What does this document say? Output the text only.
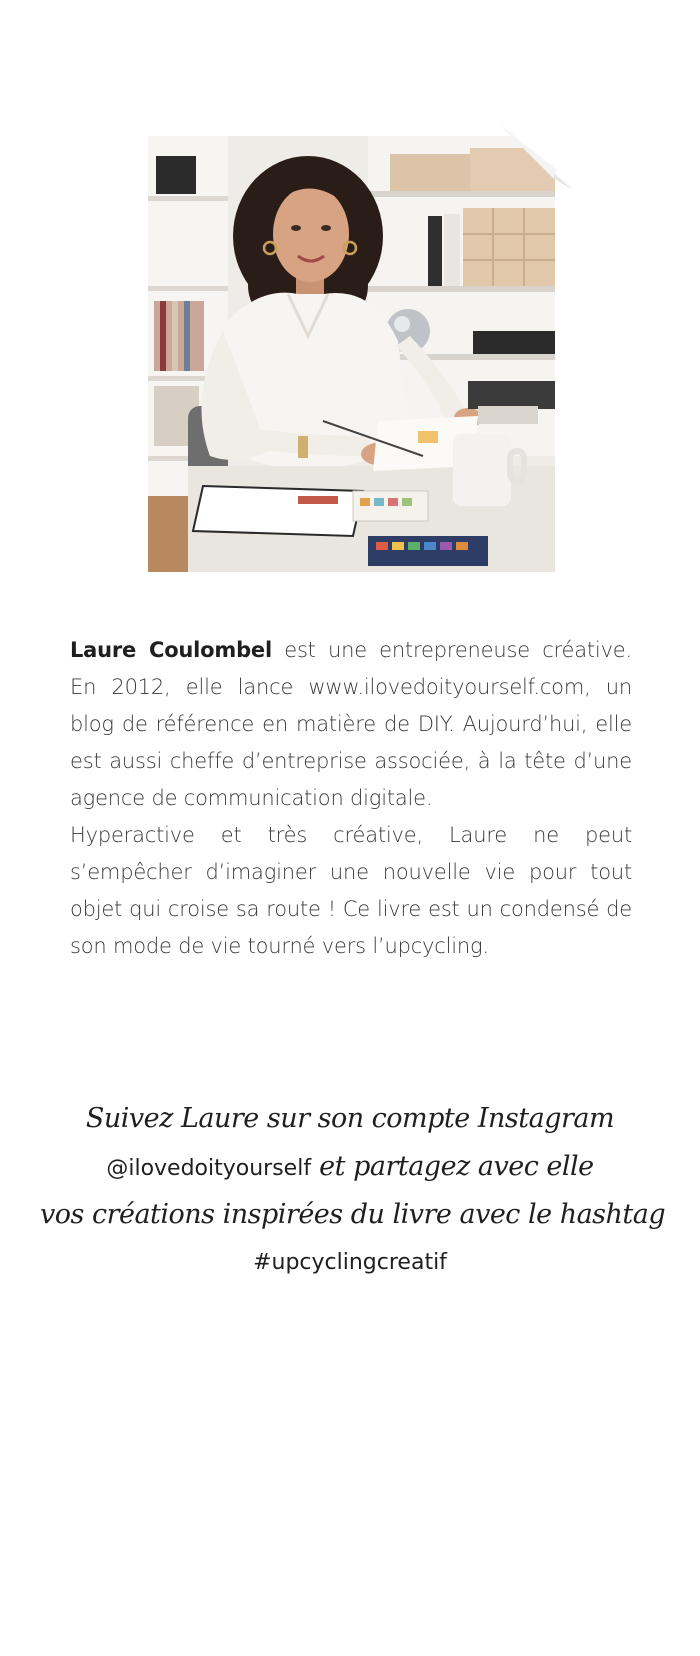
Laure Coulombel est une entrepreneuse créative. En 2012, elle lance www.ilovedoityourself.com, un blog de référence en matière de DIY. Aujourd’hui, elle est aussi cheffe d’entreprise associée, à la tête d’une agence de communication digitale.

Hyperactive et très créative, Laure ne peut s’empêcher d’imaginer une nouvelle vie pour tout objet qui croise sa route ! Ce livre est un condensé de son mode de vie tourné vers l’upcycling.

Suivez Laure sur son compte Instagram
@ilovedoityourself et partagez avec elle
vos créations inspirées du livre avec le hashtag
#upcyclingcreatif
